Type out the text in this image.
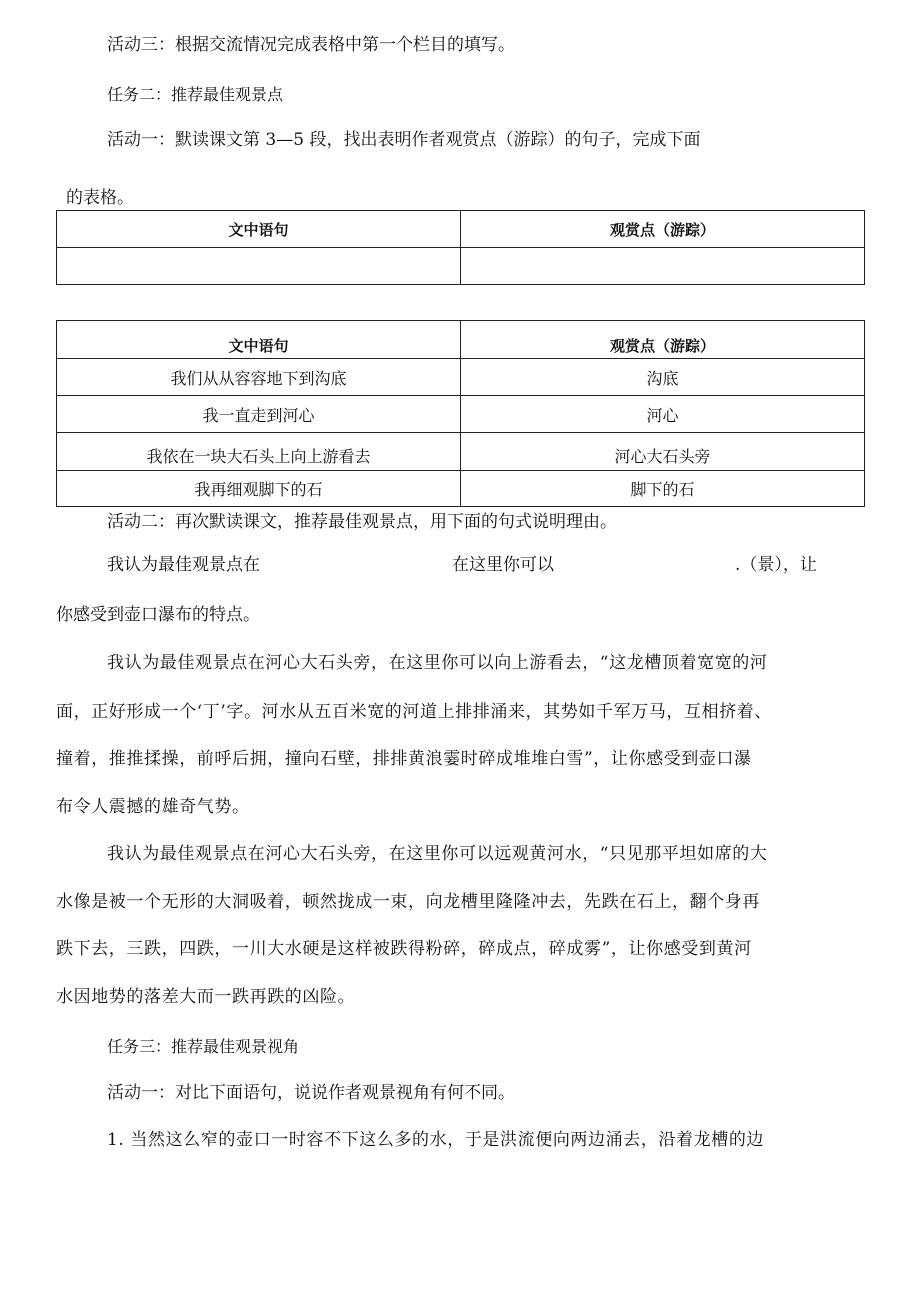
活动三：根据交流情况完成表格中第一个栏目的填写。
任务二：推荐最佳观景点
活动一：默读课文第 3—5 段，找出表明作者观赏点（游踪）的句子，完成下面
的表格。
文中语句	观赏点（游踪）

文中语句	观赏点（游踪）
我们从从容容地下到沟底	沟底
我一直走到河心	河心
我依在一块大石头上向上游看去	河心大石头旁
我再细观脚下的石	脚下的石
活动二：再次默读课文，推荐最佳观景点，用下面的句式说明理由。
我认为最佳观景点在	在这里你可以	.（景），让
你感受到壶口瀑布的特点。
我认为最佳观景点在河心大石头旁，在这里你可以向上游看去，“这龙槽顶着宽宽的河
面，正好形成一个‘丁’字。河水从五百米宽的河道上排排涌来，其势如千军万马，互相挤着、
撞着，推推揉操，前呼后拥，撞向石壁，排排黄浪霎时碎成堆堆白雪”，让你感受到壶口瀑
布令人震撼的雄奇气势。
我认为最佳观景点在河心大石头旁，在这里你可以远观黄河水，“只见那平坦如席的大
水像是被一个无形的大洞吸着，顿然拢成一束，向龙槽里隆隆冲去，先跌在石上，翻个身再
跌下去，三跌，四跌，一川大水硬是这样被跌得粉碎，碎成点，碎成雾”，让你感受到黄河
水因地势的落差大而一跌再跌的凶险。
任务三：推荐最佳观景视角
活动一：对比下面语句，说说作者观景视角有何不同。
1. 当然这么窄的壶口一时容不下这么多的水，于是洪流便向两边涌去，沿着龙槽的边
